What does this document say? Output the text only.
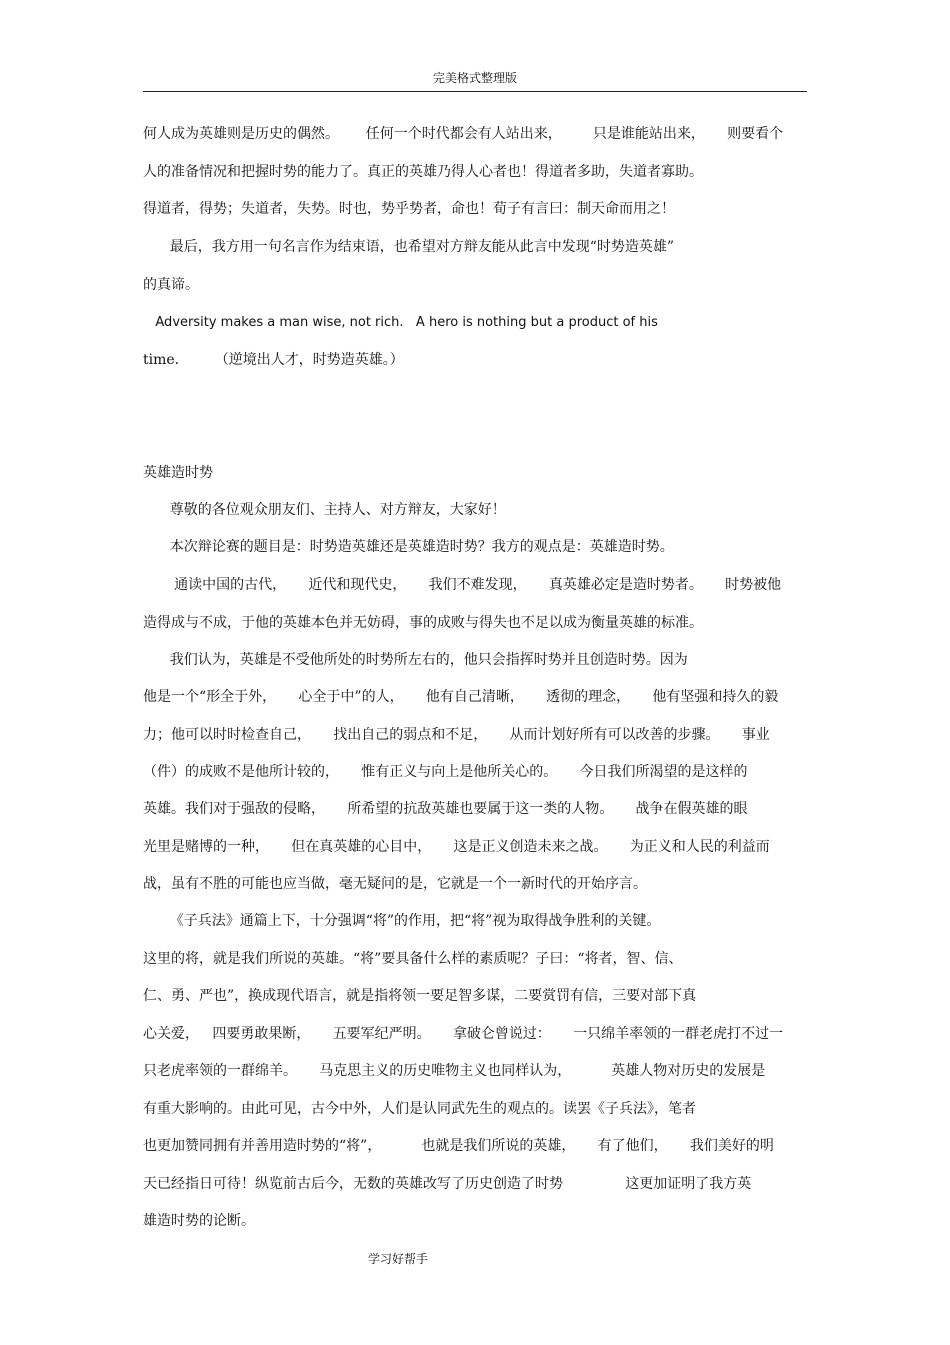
完美格式整理版
何人成为英雄则是历史的偶然。      任何一个时代都会有人站出来，       只是谁能站出来，     则要看个
人的准备情况和把握时势的能力了。真正的英雄乃得人心者也！得道者多助，失道者寡助。
得道者，得势；失道者，失势。时也，势乎势者，命也！荀子有言曰：制天命而用之！
最后，我方用一句名言作为结束语，也希望对方辩友能从此言中发现“时势造英雄”
的真谛。
Adversity makes a man wise, not rich.   A hero is nothing but a product of his
time.        （逆境出人才，时势造英雄。）
英雄造时势
尊敬的各位观众朋友们、主持人、对方辩友，大家好！
本次辩论赛的题目是：时势造英雄还是英雄造时势？我方的观点是：英雄造时势。
通读中国的古代，     近代和现代史，     我们不难发现，     真英雄必定是造时势者。     时势被他
造得成与不成，于他的英雄本色并无妨碍，事的成败与得失也不足以成为衡量英雄的标准。
我们认为，英雄是不受他所处的时势所左右的，他只会指挥时势并且创造时势。因为
他是一个“形全于外，     心全于中”的人，     他有自己清晰，     透彻的理念，     他有坚强和持久的毅
力；他可以时时检查自己，     找出自己的弱点和不足，     从而计划好所有可以改善的步骤。     事业
（件）的成败不是他所计较的，     惟有正义与向上是他所关心的。     今日我们所渴望的是这样的
英雄。我们对于强敌的侵略，     所希望的抗敌英雄也要属于这一类的人物。     战争在假英雄的眼
光里是赌博的一种，     但在真英雄的心目中，     这是正义创造未来之战。     为正义和人民的利益而
战，虽有不胜的可能也应当做，毫无疑问的是，它就是一个一新时代的开始序言。
《子兵法》通篇上下，十分强调“将”的作用，把“将”视为取得战争胜利的关键。
这里的将，就是我们所说的英雄。“将”要具备什么样的素质呢？子曰：“将者，智、信、
仁、勇、严也”，换成现代语言，就是指将领一要足智多谋，二要赏罚有信，三要对部下真
心关爱，   四要勇敢果断，     五要军纪严明。     拿破仑曾说过：     一只绵羊率领的一群老虎打不过一
只老虎率领的一群绵羊。     马克思主义的历史唯物主义也同样认为，         英雄人物对历史的发展是
有重大影响的。由此可见，古今中外，人们是认同武先生的观点的。读罢《子兵法》，笔者
也更加赞同拥有并善用造时势的“将”，         也就是我们所说的英雄，     有了他们，     我们美好的明
天已经指日可待！纵览前古后今，无数的英雄改写了历史创造了时势              这更加证明了我方英
雄造时势的论断。
学习好帮手
